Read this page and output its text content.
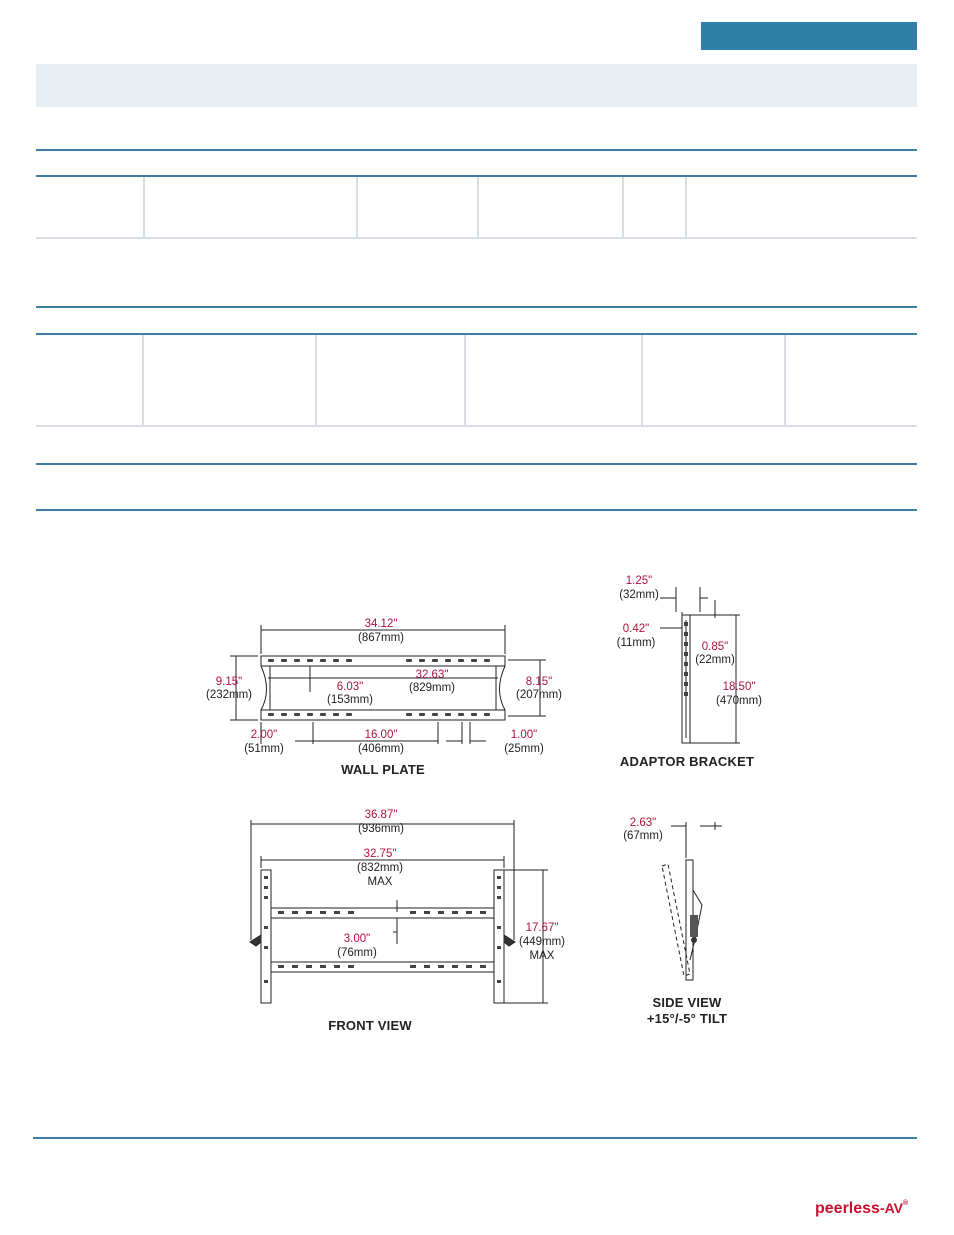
34.12"
(867mm)
32.63"
(829mm)
6.03"
(153mm)
9.15"
(232mm)
8.15"
(207mm)
2.00"
(51mm)
16.00"
(406mm)
1.00"
(25mm)
WALL PLATE
1.25"
(32mm)
0.42"
(11mm)	0.85"
(22mm)
18.50"
(470mm)
ADAPTOR BRACKET
36.87"
(936mm)
32.75"
(832mm)
MAX
3.00"
(76mm)
17.67"
(449mm)
MAX
FRONT VIEW
2.63"
(67mm)
SIDE VIEW
+15°/-5° TILT
peerless-AV®
